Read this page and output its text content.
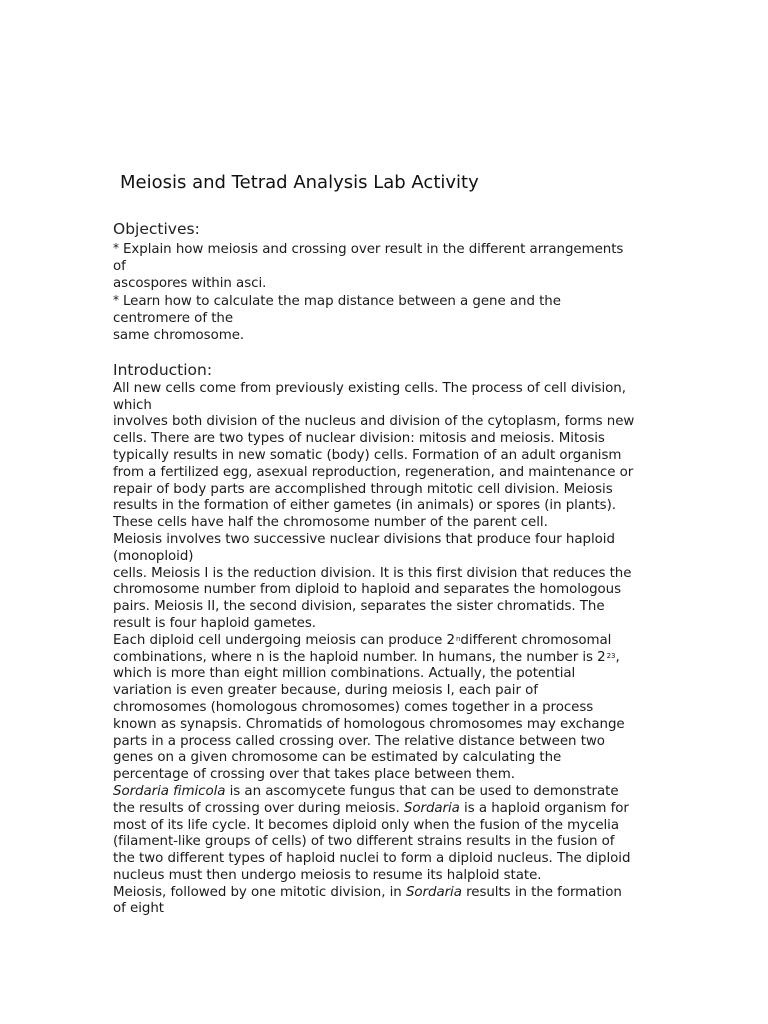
Meiosis and Tetrad Analysis Lab Activity
Objectives:
* Explain how meiosis and crossing over result in the different arrangements
of
ascospores within asci.
* Learn how to calculate the map distance between a gene and the
centromere of the
same chromosome.
Introduction:
All new cells come from previously existing cells. The process of cell division,
which
involves both division of the nucleus and division of the cytoplasm, forms new
cells. There are two types of nuclear division: mitosis and meiosis. Mitosis
typically results in new somatic (body) cells. Formation of an adult organism
from a fertilized egg, asexual reproduction, regeneration, and maintenance or
repair of body parts are accomplished through mitotic cell division. Meiosis
results in the formation of either gametes (in animals) or spores (in plants).
These cells have half the chromosome number of the parent cell.
Meiosis involves two successive nuclear divisions that produce four haploid
(monoploid)
cells. Meiosis I is the reduction division. It is this first division that reduces the
chromosome number from diploid to haploid and separates the homologous
pairs. Meiosis II, the second division, separates the sister chromatids. The
result is four haploid gametes.
Each diploid cell undergoing meiosis can produce 2$^n$different chromosomal
combinations, where n is the haploid number. In humans, the number is $2^{23}$,
which is more than eight million combinations. Actually, the potential
variation is even greater because, during meiosis I, each pair of
chromosomes (homologous chromosomes) comes together in a process
known as synapsis. Chromatids of homologous chromosomes may exchange
parts in a process called crossing over. The relative distance between two
genes on a given chromosome can be estimated by calculating the
percentage of crossing over that takes place between them.
Sordaria fimicola is an ascomycete fungus that can be used to demonstrate
the results of crossing over during meiosis. Sordaria is a haploid organism for
most of its life cycle. It becomes diploid only when the fusion of the mycelia
(filament-like groups of cells) of two different strains results in the fusion of
the two different types of haploid nuclei to form a diploid nucleus. The diploid
nucleus must then undergo meiosis to resume its halploid state.
Meiosis, followed by one mitotic division, in Sordaria results in the formation
of eight
